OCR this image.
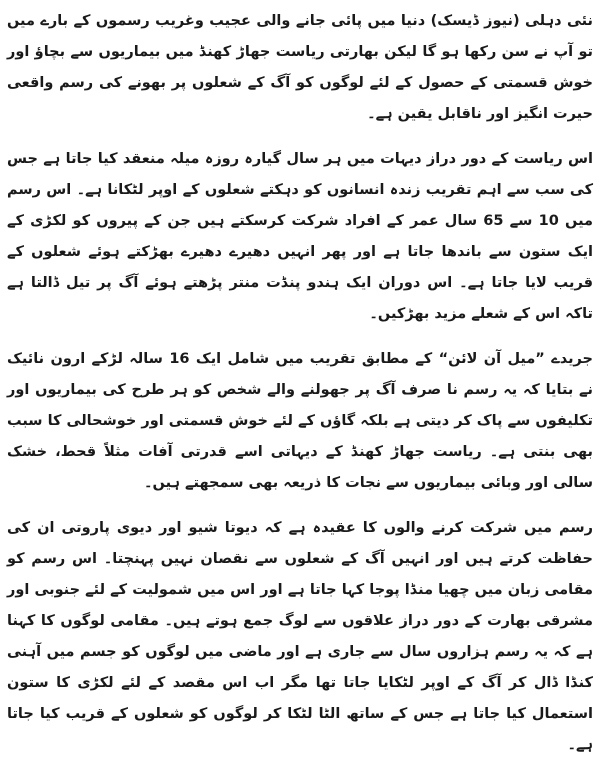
نئی دہلی (نیوز ڈیسک) دنیا میں پائی جانے والی عجیب وغریب رسموں کے بارے میں تو آپ نے سن رکھا ہو گا لیکن بھارتی ریاست جھاڑ کھنڈ میں بیماریوں سے بچاؤ اور خوش قسمتی کے حصول کے لئے لوگوں کو آگ کے شعلوں پر بھونے کی رسم واقعی حیرت انگیز اور ناقابل یقین ہے۔

اس ریاست کے دور دراز دیہات میں ہر سال گیارہ روزہ میلہ منعقد کیا جاتا ہے جس کی سب سے اہم تقریب زندہ انسانوں کو دہکتے شعلوں کے اوپر لٹکانا ہے۔ اس رسم میں 10 سے 65 سال عمر کے افراد شرکت کرسکتے ہیں جن کے پیروں کو لکڑی کے ایک ستون سے باندھا جاتا ہے اور پھر انہیں دھیرے دھیرے بھڑکتے ہوئے شعلوں کے قریب لایا جاتا ہے۔ اس دوران ایک ہندو پنڈت منتر پڑھتے ہوئے آگ پر تیل ڈالتا ہے تاکہ اس کے شعلے مزید بھڑکیں۔

جریدے ”میل آن لائن“ کے مطابق تقریب میں شامل ایک 16 سالہ لڑکے ارون نائیک نے بتایا کہ یہ رسم نا صرف آگ پر جھولنے والے شخص کو ہر طرح کی بیماریوں اور تکلیفوں سے پاک کر دیتی ہے بلکہ گاؤں کے لئے خوش قسمتی اور خوشحالی کا سبب بھی بنتی ہے۔ ریاست جھاڑ کھنڈ کے دیہاتی اسے قدرتی آفات مثلاً قحط، خشک سالی اور وبائی بیماریوں سے نجات کا ذریعہ بھی سمجھتے ہیں۔

رسم میں شرکت کرنے والوں کا عقیدہ ہے کہ دیوتا شیو اور دیوی پاروتی ان کی حفاظت کرتے ہیں اور انہیں آگ کے شعلوں سے نقصان نہیں پہنچتا۔ اس رسم کو مقامی زبان میں چھیا منڈا پوجا کہا جاتا ہے اور اس میں شمولیت کے لئے جنوبی اور مشرقی بھارت کے دور دراز علاقوں سے لوگ جمع ہوتے ہیں۔ مقامی لوگوں کا کہنا ہے کہ یہ رسم ہزاروں سال سے جاری ہے اور ماضی میں لوگوں کو جسم میں آہنی کنڈا ڈال کر آگ کے اوپر لٹکایا جاتا تھا مگر اب اس مقصد کے لئے لکڑی کا ستون استعمال کیا جاتا ہے جس کے ساتھ الٹا لٹکا کر لوگوں کو شعلوں کے قریب کیا جاتا ہے۔
